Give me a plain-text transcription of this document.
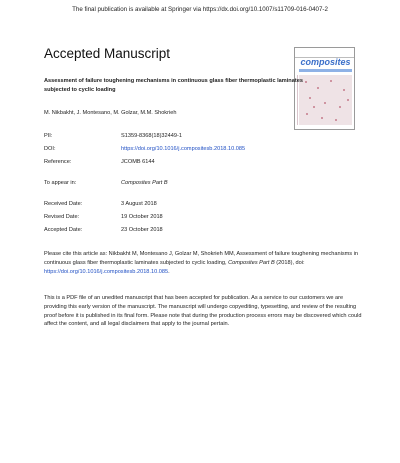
The final publication is available at Springer via https://dx.doi.org/10.1007/s11709-016-0407-2
Accepted Manuscript
composites
Assessment of failure toughening mechanisms in continuous glass fiber thermoplastic laminates subjected to cyclic loading
M. Nikbakht, J. Montesano, M. Golzar, M.M. Shokrieh
PII:	S1359-8368(18)32449-1
DOI:	https://doi.org/10.1016/j.compositesb.2018.10.085
Reference:	JCOMB 6144
To appear in:	Composites Part B
Received Date:	3 August 2018
Revised Date:	19 October 2018
Accepted Date:	23 October 2018
Please cite this article as: Nikbakht M, Montesano J, Golzar M, Shokrieh MM, Assessment of failure toughening mechanisms in continuous glass fiber thermoplastic laminates subjected to cyclic loading, Composites Part B (2018), doi: https://doi.org/10.1016/j.compositesb.2018.10.085.
This is a PDF file of an unedited manuscript that has been accepted for publication. As a service to our customers we are providing this early version of the manuscript. The manuscript will undergo copyediting, typesetting, and review of the resulting proof before it is published in its final form. Please note that during the production process errors may be discovered which could affect the content, and all legal disclaimers that apply to the journal pertain.
